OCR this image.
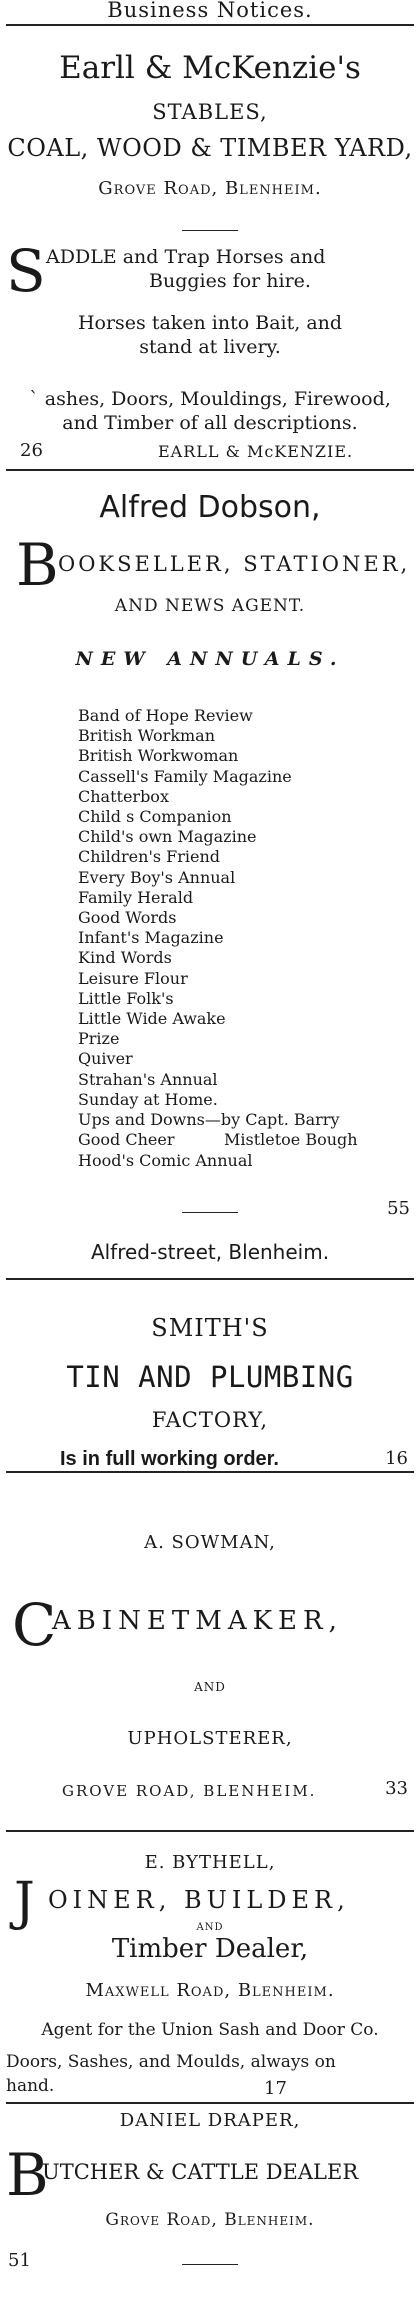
Business Notices.
Earll & McKenzie's
STABLES,
COAL, WOOD & TIMBER YARD,
Grove Road, Blenheim.
S ADDLE and Trap Horses and
Buggies for hire.
Horses taken into Bait, and
stand at livery.
` ashes, Doors, Mouldings, Firewood,
and Timber of all descriptions.
26	EARLL & McKENZIE.
Alfred Dobson,
B OOKSELLER, STATIONER,
AND NEWS AGENT.
NEW ANNUALS.
Band of Hope Review
British Workman
British Workwoman
Cassell's Family Magazine
Chatterbox
Child s Companion
Child's own Magazine
Children's Friend
Every Boy's Annual
Family Herald
Good Words
Infant's Magazine
Kind Words
Leisure Flour
Little Folk's
Little Wide Awake
Prize
Quiver
Strahan's Annual
Sunday at Home.
Ups and Downs—by Capt. Barry
Good Cheer	Mistletoe Bough
Hood's Comic Annual
55
Alfred-street, Blenheim.
SMITH'S
TIN AND PLUMBING
FACTORY,
Is in full working order.	16
A. SOWMAN,
C
ABINETMAKER,
AND
UPHOLSTERER,
GROVE ROAD, BLENHEIM.	33
E. BYTHELL,
J OINER, BUILDER,
AND
Timber Dealer,
Maxwell Road, Blenheim.
Agent for the Union Sash and Door Co.
Doors, Sashes, and Moulds, always on
hand.	17
DANIEL DRAPER,
B
UTCHER & CATTLE DEALER
Grove Road, Blenheim.
51
